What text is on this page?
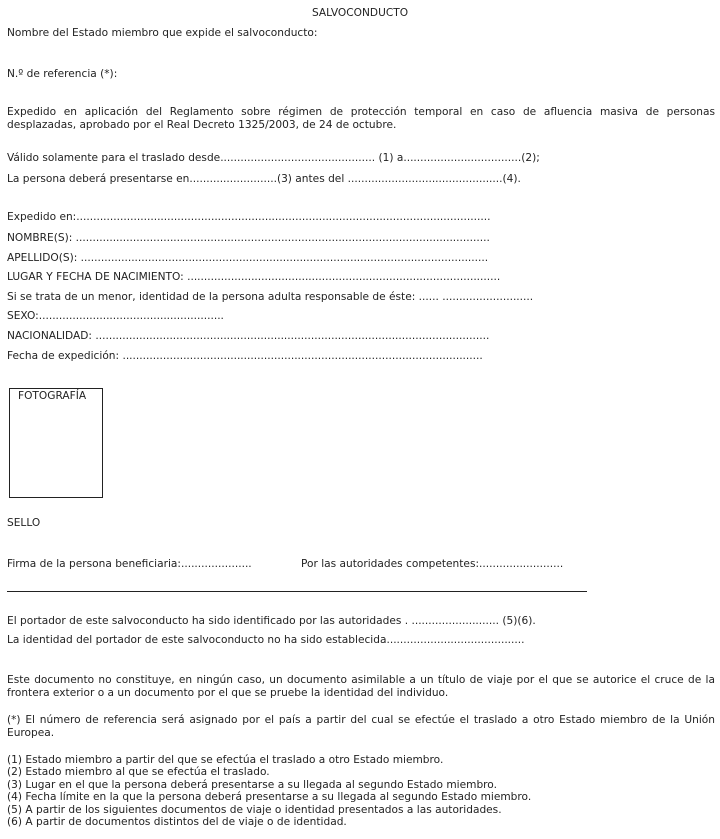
SALVOCONDUCTO
Nombre del Estado miembro que expide el salvoconducto:
N.º de referencia (*):
Expedido en aplicación del Reglamento sobre régimen de protección temporal en caso de afluencia masiva de personas desplazadas, aprobado por el Real Decreto 1325/2003, de 24 de octubre.
Válido solamente para el traslado desde.............................................. (1) a...................................(2);
La persona deberá presentarse en..........................(3) antes del ..............................................(4).
Expedido en:...........................................................................................................................
NOMBRE(S): ...........................................................................................................................
APELLIDO(S): .........................................................................................................................
LUGAR Y FECHA DE NACIMIENTO: .............................................................................................
Si se trata de un menor, identidad de la persona adulta responsable de éste: ...... ...........................
SEXO:.......................................................
NACIONALIDAD: .....................................................................................................................
Fecha de expedición: ...........................................................................................................
FOTOGRAFÍA
SELLO
Firma de la persona beneficiaria:.....................	Por las autoridades competentes:.........................
El portador de este salvoconducto ha sido identificado por las autoridades . .......................... (5)(6).
La identidad del portador de este salvoconducto no ha sido establecida.........................................
Este documento no constituye, en ningún caso, un documento asimilable a un título de viaje por el que se autorice el cruce de la frontera exterior o a un documento por el que se pruebe la identidad del individuo.
(*) El número de referencia será asignado por el país a partir del cual se efectúe el traslado a otro Estado miembro de la Unión Europea.
(1) Estado miembro a partir del que se efectúa el traslado a otro Estado miembro.
(2) Estado miembro al que se efectúa el traslado.
(3) Lugar en el que la persona deberá presentarse a su llegada al segundo Estado miembro.
(4) Fecha límite en la que la persona deberá presentarse a su llegada al segundo Estado miembro.
(5) A partir de los siguientes documentos de viaje o identidad presentados a las autoridades.
(6) A partir de documentos distintos del de viaje o de identidad.
